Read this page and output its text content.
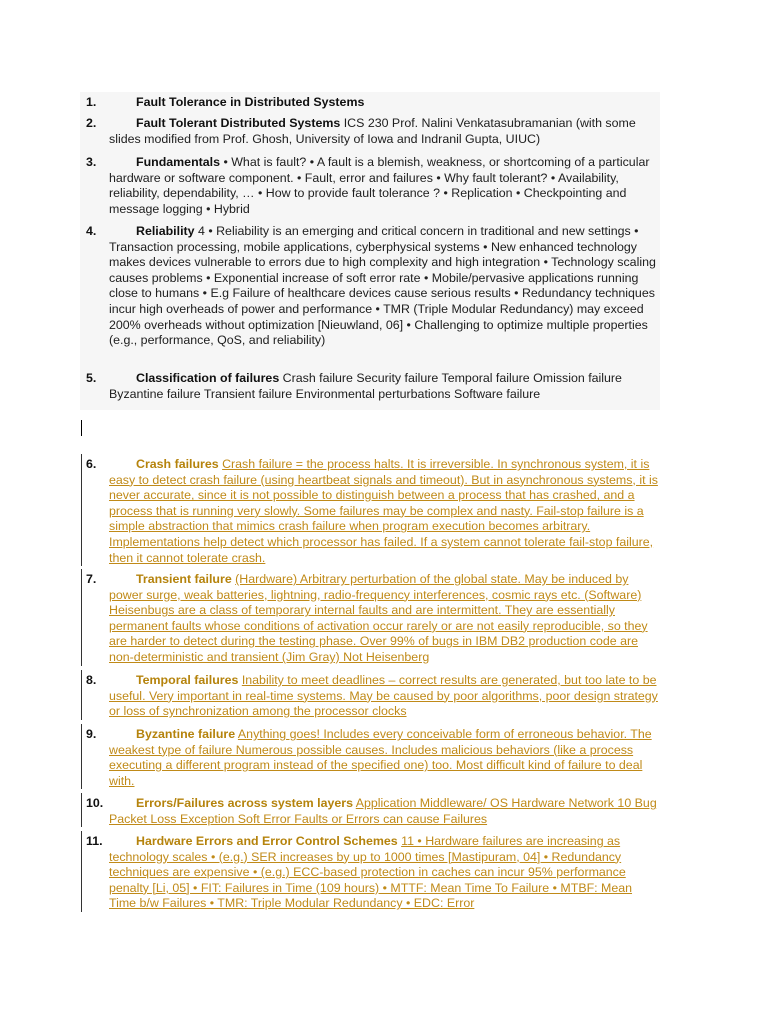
1.	Fault Tolerance in Distributed Systems
2.	Fault Tolerant Distributed Systems ICS 230 Prof. Nalini Venkatasubramanian (with some slides modified from Prof. Ghosh, University of Iowa and Indranil Gupta, UIUC)
3.	Fundamentals • What is fault? • A fault is a blemish, weakness, or shortcoming of a particular hardware or software component. • Fault, error and failures • Why fault tolerant? • Availability, reliability, dependability, … • How to provide fault tolerance ? • Replication • Checkpointing and message logging • Hybrid
4.	Reliability 4 • Reliability is an emerging and critical concern in traditional and new settings • Transaction processing, mobile applications, cyberphysical systems • New enhanced technology makes devices vulnerable to errors due to high complexity and high integration • Technology scaling causes problems • Exponential increase of soft error rate • Mobile/pervasive applications running close to humans • E.g Failure of healthcare devices cause serious results • Redundancy techniques incur high overheads of power and performance • TMR (Triple Modular Redundancy) may exceed 200% overheads without optimization [Nieuwland, 06] • Challenging to optimize multiple properties (e.g., performance, QoS, and reliability)
5.	Classification of failures Crash failure Security failure Temporal failure Omission failure Byzantine failure Transient failure Environmental perturbations Software failure
6.	Crash failures Crash failure = the process halts. It is irreversible. In synchronous system, it is easy to detect crash failure (using heartbeat signals and timeout). But in asynchronous systems, it is never accurate, since it is not possible to distinguish between a process that has crashed, and a process that is running very slowly. Some failures may be complex and nasty. Fail-stop failure is a simple abstraction that mimics crash failure when program execution becomes arbitrary. Implementations help detect which processor has failed. If a system cannot tolerate fail-stop failure, then it cannot tolerate crash.
7.	Transient failure (Hardware) Arbitrary perturbation of the global state. May be induced by power surge, weak batteries, lightning, radio-frequency interferences, cosmic rays etc. (Software) Heisenbugs are a class of temporary internal faults and are intermittent. They are essentially permanent faults whose conditions of activation occur rarely or are not easily reproducible, so they are harder to detect during the testing phase. Over 99% of bugs in IBM DB2 production code are non-deterministic and transient (Jim Gray) Not Heisenberg
8.	Temporal failures Inability to meet deadlines – correct results are generated, but too late to be useful. Very important in real-time systems. May be caused by poor algorithms, poor design strategy or loss of synchronization among the processor clocks
9.	Byzantine failure Anything goes! Includes every conceivable form of erroneous behavior. The weakest type of failure Numerous possible causes. Includes malicious behaviors (like a process executing a different program instead of the specified one) too. Most difficult kind of failure to deal with.
10.	Errors/Failures across system layers Application Middleware/ OS Hardware Network 10 Bug Packet Loss Exception Soft Error Faults or Errors can cause Failures
11.	Hardware Errors and Error Control Schemes 11 • Hardware failures are increasing as technology scales • (e.g.) SER increases by up to 1000 times [Mastipuram, 04] • Redundancy techniques are expensive • (e.g.) ECC-based protection in caches can incur 95% performance penalty [Li, 05] • FIT: Failures in Time (109 hours) • MTTF: Mean Time To Failure • MTBF: Mean Time b/w Failures • TMR: Triple Modular Redundancy • EDC: Error
